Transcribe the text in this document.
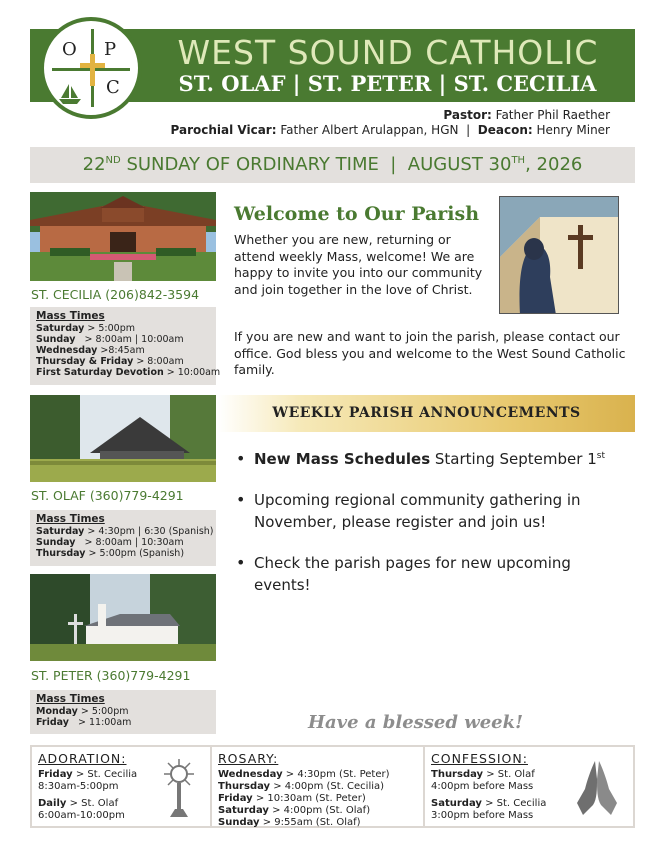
O P
C
WEST SOUND CATHOLIC
ST. OLAF | ST. PETER | ST. CECILIA
Pastor: Father Phil Raether
Parochial Vicar: Father Albert Arulappan, HGN  |  Deacon: Henry Miner
22ND SUNDAY OF ORDINARY TIME  |  AUGUST 30TH, 2026
ST. CECILIA (206)842-3594
Mass Times
Saturday > 5:00pm
Sunday   > 8:00am | 10:00am
Wednesday >8:45am
Thursday & Friday > 8:00am
First Saturday Devotion > 10:00am
ST. OLAF (360)779-4291
Mass Times
Saturday > 4:30pm | 6:30 (Spanish)
Sunday   > 8:00am | 10:30am
Thursday > 5:00pm (Spanish)
ST. PETER (360)779-4291
Mass Times
Monday > 5:00pm
Friday   > 11:00am
Welcome to Our Parish
Whether you are new, returning or attend weekly Mass, welcome! We are happy to invite you into our community and join together in the love of Christ.
If you are new and want to join the parish, please contact our office. God bless you and welcome to the West Sound Catholic family.
WEEKLY PARISH ANNOUNCEMENTS
• New Mass Schedules Starting September 1st
• Upcoming regional community gathering in November, please register and join us!
• Check the parish pages for new upcoming events!
Have a blessed week!
ADORATION:
Friday > St. Cecilia
8:30am-5:00pm
Daily > St. Olaf
6:00am-10:00pm
ROSARY:
Wednesday > 4:30pm (St. Peter)
Thursday > 4:00pm (St. Cecilia)
Friday > 10:30am (St. Peter)
Saturday > 4:00pm (St. Olaf)
Sunday > 9:55am (St. Olaf)
CONFESSION:
Thursday > St. Olaf
4:00pm before Mass
Saturday > St. Cecilia
3:00pm before Mass
